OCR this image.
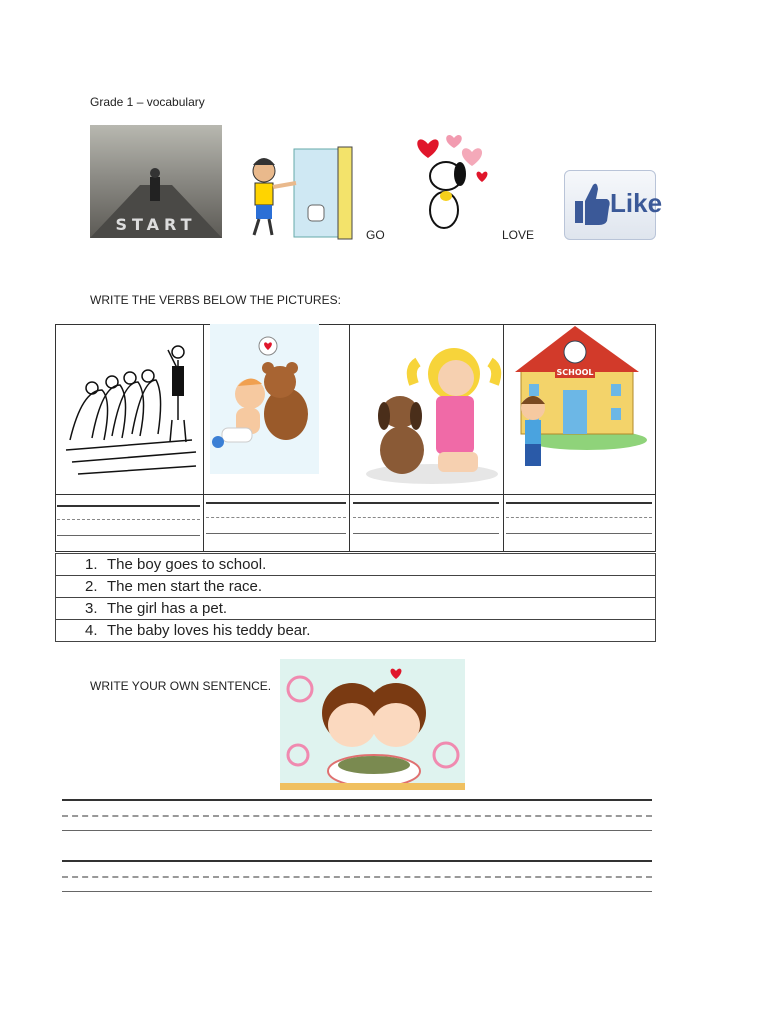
Grade 1 – vocabulary
START
GO	LOVE
Like
WRITE THE VERBS BELOW THE PICTURES:
SCHOOL
1. The boy goes to school.
2. The men start the race.
3. The girl has a pet.
4. The baby loves his teddy bear.
WRITE YOUR OWN SENTENCE.
